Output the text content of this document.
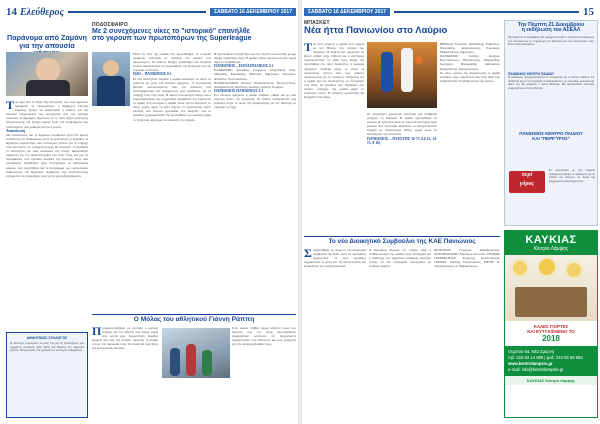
14 Ελεύθερος	ΣΑΒΒΑΤΟ 16 ΔΕΚΕΜΒΡΙΟΥ 2017
Παράνομα από Ζαμάνη
για την απουσία
Την ώρα που το θέμα της ανέγερσης του νέου σχολείου παραμένει σε εκκρεμότητα, ο δήμαρχος Γιάννης Ζαμάνης ζήτησε να διερευνηθεί η ευθύνη για την απουσία εκπροσώπων του υπουργείου από την κρίσιμη σύσκεψη. Ο δήμαρχος σημείωσε ότι η πόλη αξίζει καλύτερης αντιμετώπισης και ζήτησε άμεση λύση στα προβλήματα που ταλαιπωρούν τους μαθητές και τους γονείς.
Ανακοίνωση
Με ανακοίνωσή του το δημοτικό συμβούλιο ζητά την άμεση επίσπευση των διαδικασιών ώστε να ξεκινήσουν οι εργασίες. Ο δήμαρχος ευχαρίστησε τους συλλόγους γονέων για τη στήριξή τους και τόνισε ότι η δημοτική αρχή θα συνεχίσει να διεκδικεί τα αυτονόητα για τους κατοίκους της πόλης. Ακολούθησε συζήτηση για τον προϋπολογισμό του νέου έτους και για τις παρεμβάσεις στις σχολικές μονάδες της περιοχής. Στην ίδια συνεδρίαση εγκρίθηκαν έργα συντήρησης σε αθλητικούς χώρους, ενώ συζητήθηκε και το πρόγραμμα των εορταστικών εκδηλώσεων. Οι δημοτικοί σύμβουλοι της αντιπολίτευσης εξέφρασαν τις επιφυλάξεις τους για τα χρονοδιαγράμματα.
ΠΟΔΟΣΦΑΙΡΟ
Με 2 συνεχόμενες νίκες το "ιστορικό" επανήλθε
στο γκρουπ των πρωτοπόρων της Superleague
Μετά τη νίκη της ομάδας στο πρωτάθλημα, το ιστορικό σωματείο επανήλθε με επιτυχία στο γκρουπ των πρωτοπόρων. Οι παίκτες έδειξαν χαρακτήρα και ενωμένη εικόνα, δικαιώνοντας τις προσπάθειες της διοίκησης και του τεχνικού επιτελείου.
ΠΑΟ – ΠΑΝΙΩΝΙΟΣ 0-1
Σε ένα απαιτητικό παιχνίδι η ομάδα κατάφερε να πάρει το τρίποντο με γκολ στο δεύτερο ημίχρονο. Ο προπονητής δήλωσε ικανοποιημένος από την απόδοση των ποδοσφαιριστών και ευχαρίστησε τους φιλάθλους για τη στήριξή τους στην έδρα. Η άμυνα λειτούργησε άψογα και ο τερματοφύλακας είχε σημαντικές επεμβάσεις που κράτησαν το μηδέν. Στη συνέχεια η ομάδα πίεσε για να διευρύνει το σκορ, χωρίς όμως να βρει δίχτυα. Ο προπονητής έκανε αλλαγές που έδωσαν φρεσκάδα στο παιχνίδι, ενώ οι φίλαθλοι χειροκρότησαν την προσπάθεια των παικτών μέχρι το τελευταίο σφύριγμα του διαιτητή στο γήπεδο.
Η προσπάθεια συνεχίστηκε και την επόμενη αγωνιστική με μια ακόμη σημαντική νίκη. Η ομάδα μπήκε δυνατά και από νωρίς πήρε το προβάδισμα.
ΠΑΝΙΩΝΙΟΣ – ΠΑΝΑΙΤΩΛΙΚΟΣ 2-1
ΠΑΝΙΩΝΙΟΣ: Δουνάβης, Γεωργίου, Αλεξανδρής, Σάλι, Μαυρίδης, Κυριακίδης, Μπαλλάς, Δημητρίου, Νικολάου, Αντωνίου, Χριστοδούλου.
ΠΑΝΑΙΤΩΛΙΚΟΣ: Κάππος, Παπαδόπουλος, Κωνσταντίνου, Λαμπρόπουλος, Φιλίππου, Ιωάννου, Δανιήλ, Σταύρου.
ΠΑΝΙΩΝΙΟΣ ΠΑΝΙΩΝΙΟΣ 2-1
Στο δεύτερο ημίχρονο η ομάδα ανέβασε ρυθμό και με δύο τέρματα έκανε την ανατροπή. Οι οπαδοί πανηγύρισαν στις κερκίδες μέχρι το τέλος της αναμέτρησης με τον διαιτητή να σφυρίζει τη λήξη.
ΑΘΛΗΤΙΚΟΣ ΣΥΛΛΟΓΟΣ
Ο σύλλογος ενημερώνει τα μέλη του για τις προπονήσεις των τμημάτων υποδομής κάθε Τρίτη και Πέμπτη στο δημοτικό γήπεδο. Πληροφορίες στα γραφεία του συλλόγου καθημερινά.
Ο Μόλας του αθλητικού Γιάννη Ράππη
Πραγματοποιήθηκε με επιτυχία ο αγώνας μνήμης για τον αθλητή που έφυγε νωρίς από κοντά μας. Συμμετείχαν δεκάδες δρομείς από όλη την Αττική, τιμώντας τη μνήμη του με την παρουσία τους. Τα έσοδα θα διατεθούν για κοινωφελείς σκοπούς.
Στον αγώνα έλαβαν μέρος αθλητές όλων των ηλικιών, ενώ στο τέλος απονεμήθηκαν αναμνηστικά μετάλλια. Οι διοργανωτές ευχαρίστησαν τους εθελοντές και τους χορηγούς για την πολύτιμη βοήθειά τους.
ΣΑΒΒΑΤΟ 16 ΔΕΚΕΜΒΡΙΟΥ 2017	15
ΜΠΑΣΚΕΤ
Νέα ήττα Πανιωνίου στο Λαύριο
Την ήττα γνώρισε η ομάδα στον αγώνα με τον Θησέα, στο γήπεδο του Λαυρίου. Οι παίκτες δεν μπόρεσαν να βρουν ρυθμό στην επίθεση και ο αντίπαλος εκμεταλλεύτηκε τα λάθη τους. Παρά την προσπάθεια στο τρίτο δεκάλεπτο, η διαφορά παρέμεινε σταθερή μέχρι το τέλος. Ο προπονητής ζήτησε από τους παίκτες συγκέντρωση για τη συνέχεια, τονίζοντας ότι η ομάδα έχει τις δυνατότητες να επιστρέψει στις νίκες. Οι φίλαθλοι που ταξίδεψαν στο Λαύριο στήριξαν την ομάδα μέχρι το τελευταίο λεπτό. Η επόμενη αγωνιστική θα διεξαχθεί στην έδρα.
Οι γηπεδούχοι ξεκίνησαν καλύτερα και ανέβασαν γρήγορα τη διαφορά. Η ομάδα προσπάθησε να μειώσει με τρίποντα αλλά τα ποσοστά ευστοχίας ήταν χαμηλά. Στο τελευταίο δεκάλεπτο οι φιλοξενούμενοι έπαιξαν με περισσότερο πάθος, χωρίς όμως να καταφέρουν την ανατροπή.
ΠΑΝΙΩΝΙΟΣ – ΘΥΕΣΤΗΣ 52-72 (14-21, 14-13, 8-16)
ΘΗΣΕΑΣ: Γεωργίου, Παπαδάκης, Σταματίου, Νικολαΐδης, Ανδρεόπουλος, Κυριακού, Μαρκόπουλος, Δημητρίου.
ΠΑΝΙΩΝΙΟΣ: Χατζής, Αλεξίου, Κωνσταντίνου, Πετρόπουλος, Μιχαηλίδης, Σωτηρίου, Θεοδωρίδης, Αθανασίου, Καραγιάννης, Λαμπρόπουλος.
Σε άλλο αγώνα της διοργάνωσης η ομάδα νεανίδων πήρε σημαντική νίκη στην έδρα της, ανεβαίνοντας στη βαθμολογία του ομίλου.
Το νέο Διοικητικό Συμβούλιο της ΚΑΕ Πανιώνιος
Συγκροτήθηκε σε σώμα το νέο διοικητικό συμβούλιο της ΚΑΕ, μετά τις πρόσφατες αρχαιρεσίες. Ο νέος πρόεδρος ευχαρίστησε τα μέλη για την εμπιστοσύνη και δεσμεύτηκε για σκληρή δουλειά.
Ο Πρόεδρος δήλωσε ότι στόχος είναι η σταθεροποίηση της ομάδας στην κατηγορία και η ανάπτυξη των τμημάτων υποδομής. Ανέφερε επίσης ότι θα επιδιωχθεί συνεργασία με τοπικούς φορείς.
ΠΡΟΕΔΡΟΣ: Γεώργιος Παπαδόπουλος. ΑΝΤΙΠΡΟΕΔΡΟΣ: Νικόλαος Αντωνίου. ΓΕΝΙΚΟΣ ΓΡΑΜΜΑΤΕΑΣ: Δημήτρης Κωστόπουλος. ΤΑΜΙΑΣ: Ιωάννης Σπυρόπουλος. ΜΕΛΗ: Κ. Λαμπρόπουλος, Α. Μαρκόπουλος.
Την Πέμπτη 21 Δεκεμβρίου
η εκδήλωση του ΑΣΕΑΛ
Την Πέμπτη 21 Δεκεμβρίου θα πραγματοποιηθεί η εορταστική εκδήλωση του συλλόγου με τη συμμετοχή των αθλητών και των οικογενειών τους. Όλοι είναι καλεσμένοι.
ΠΑΝΙΩΝΙΟΣ ΚΕΝΤΡΟ ΠΑΙΔΙΟΥ
Η εκδήλωση πραγματοποιείται σε συνεργασία με το κέντρο παιδιού. Τα παιδιά θα έχουν την ευκαιρία να διασκεδάσουν με παιχνίδια, μουσική και δώρα που θα μοιράσει ο Άγιος Βασίλης. Θα ακολουθήσει απονομή αναμνηστικών στους αθλητές.
ΠΑΝΙΩΝΙΟΣ ΚΕΝΤΡΟ ΠΑΙΔΙΟΥ
ΚΑΙ "ΠΕΡΙΓΥΡΟΣ"
περί
γύρος
Σε συνεργασία με την εταιρεία πραγματοποιήθηκε η εκδήλωση για τα παιδιά του κέντρου, με δώρα και ψυχαγωγικές δραστηριότητες.
ΚΑΥΚΙΑΣ
Κέντρο Λάμψης
ΚΑΛΕΣ ΓΙΟΡΤΕΣ
ΚΑΙ ΕΥΤΥΧΙΣΜΕΝΟ ΤΟ
2018
Ουμπου 54, Νέα Σμύρνη
τηλ: 210 93 14 588 | φαξ: 210 93 59 558
www.kentrolampsis.gr
e-mail: info@kentrolampsis.gr
ΚΑΥΚΙΑΣ Κέντρο Λάμψης
